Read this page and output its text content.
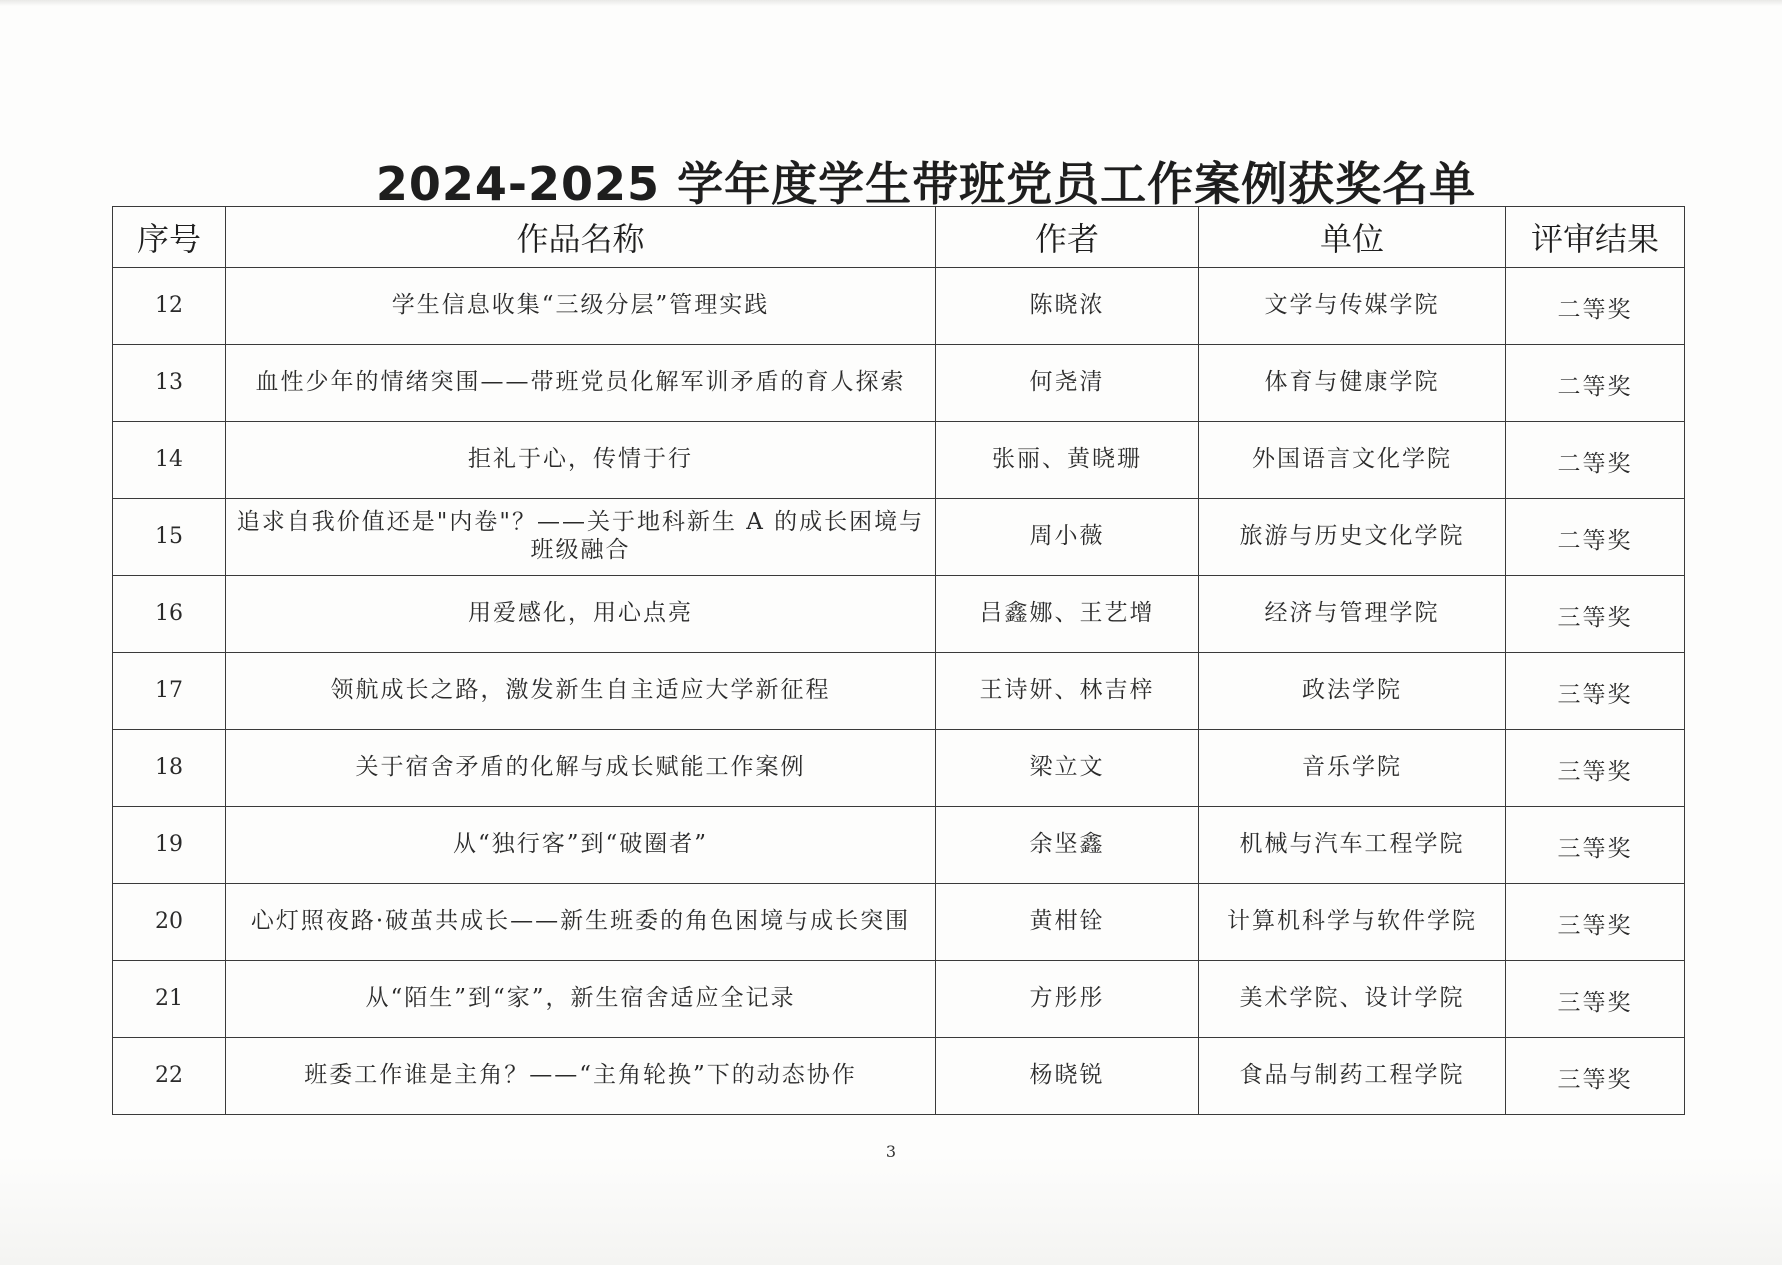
2024-2025 学年度学生带班党员工作案例获奖名单
序号	作品名称	作者	单位	评审结果
12	学生信息收集“三级分层”管理实践	陈晓浓	文学与传媒学院	二等奖
13	血性少年的情绪突围——带班党员化解军训矛盾的育人探索	何尧清	体育与健康学院	二等奖
14	拒礼于心，传情于行	张丽、黄晓珊	外国语言文化学院	二等奖
15	追求自我价值还是"内卷"？——关于地科新生 A 的成长困境与班级融合	周小薇	旅游与历史文化学院	二等奖
16	用爱感化，用心点亮	吕鑫娜、王艺增	经济与管理学院	三等奖
17	领航成长之路，激发新生自主适应大学新征程	王诗妍、林吉梓	政法学院	三等奖
18	关于宿舍矛盾的化解与成长赋能工作案例	梁立文	音乐学院	三等奖
19	从“独行客”到“破圈者”	余坚鑫	机械与汽车工程学院	三等奖
20	心灯照夜路·破茧共成长——新生班委的角色困境与成长突围	黄柑铨	计算机科学与软件学院	三等奖
21	从“陌生”到“家”，新生宿舍适应全记录	方彤彤	美术学院、设计学院	三等奖
22	班委工作谁是主角？——“主角轮换”下的动态协作	杨晓锐	食品与制药工程学院	三等奖
3
